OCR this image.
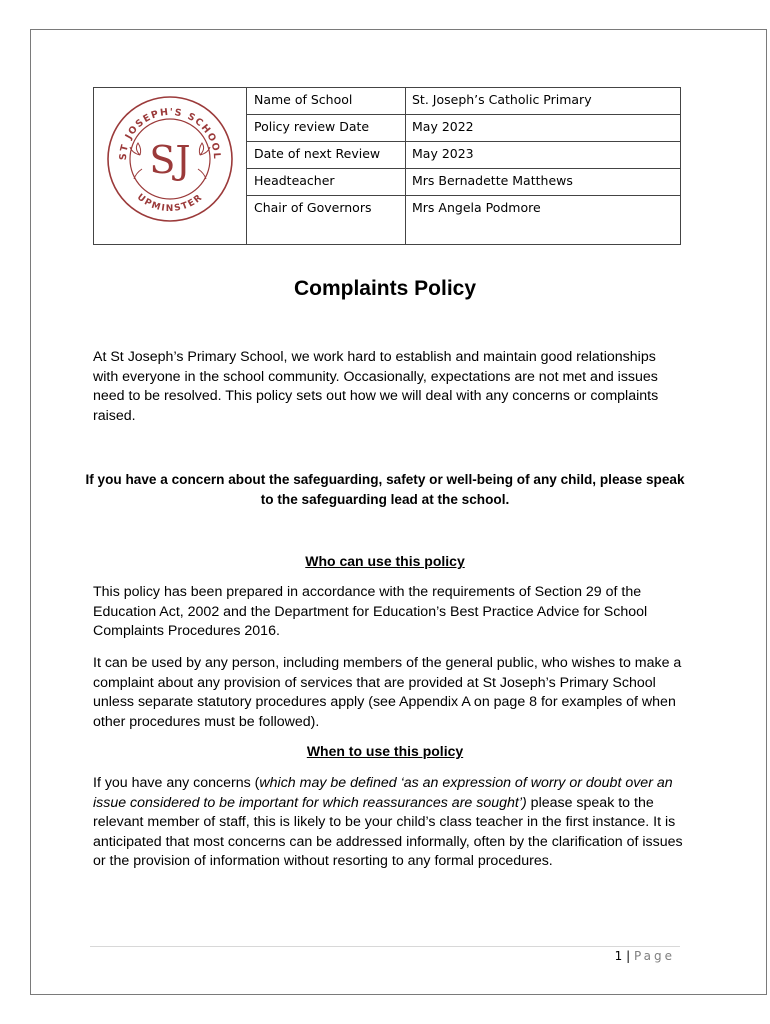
ST JOSEPH'S SCHOOL
UPMINSTER
SJ
Name of School	St. Joseph’s Catholic Primary
Policy review Date	May 2022
Date of next Review	May 2023
Headteacher	Mrs Bernadette Matthews
Chair of Governors	Mrs Angela Podmore
Complaints Policy

At St Joseph’s Primary School, we work hard to establish and maintain good relationships with everyone in the school community. Occasionally, expectations are not met and issues need to be resolved. This policy sets out how we will deal with any concerns or complaints raised.

If you have a concern about the safeguarding, safety or well-being of any child, please speak to the safeguarding lead at the school.

Who can use this policy

This policy has been prepared in accordance with the requirements of Section 29 of the Education Act, 2002 and the Department for Education’s Best Practice Advice for School Complaints Procedures 2016.

It can be used by any person, including members of the general public, who wishes to make a complaint about any provision of services that are provided at St Joseph’s Primary School unless separate statutory procedures apply (see Appendix A on page 8 for examples of when other procedures must be followed).

When to use this policy

If you have any concerns (which may be defined ‘as an expression of worry or doubt over an issue considered to be important for which reassurances are sought’) please speak to the relevant member of staff, this is likely to be your child’s class teacher in the first instance. It is anticipated that most concerns can be addressed informally, often by the clarification of issues or the provision of information without resorting to any formal procedures.

1 | Page
